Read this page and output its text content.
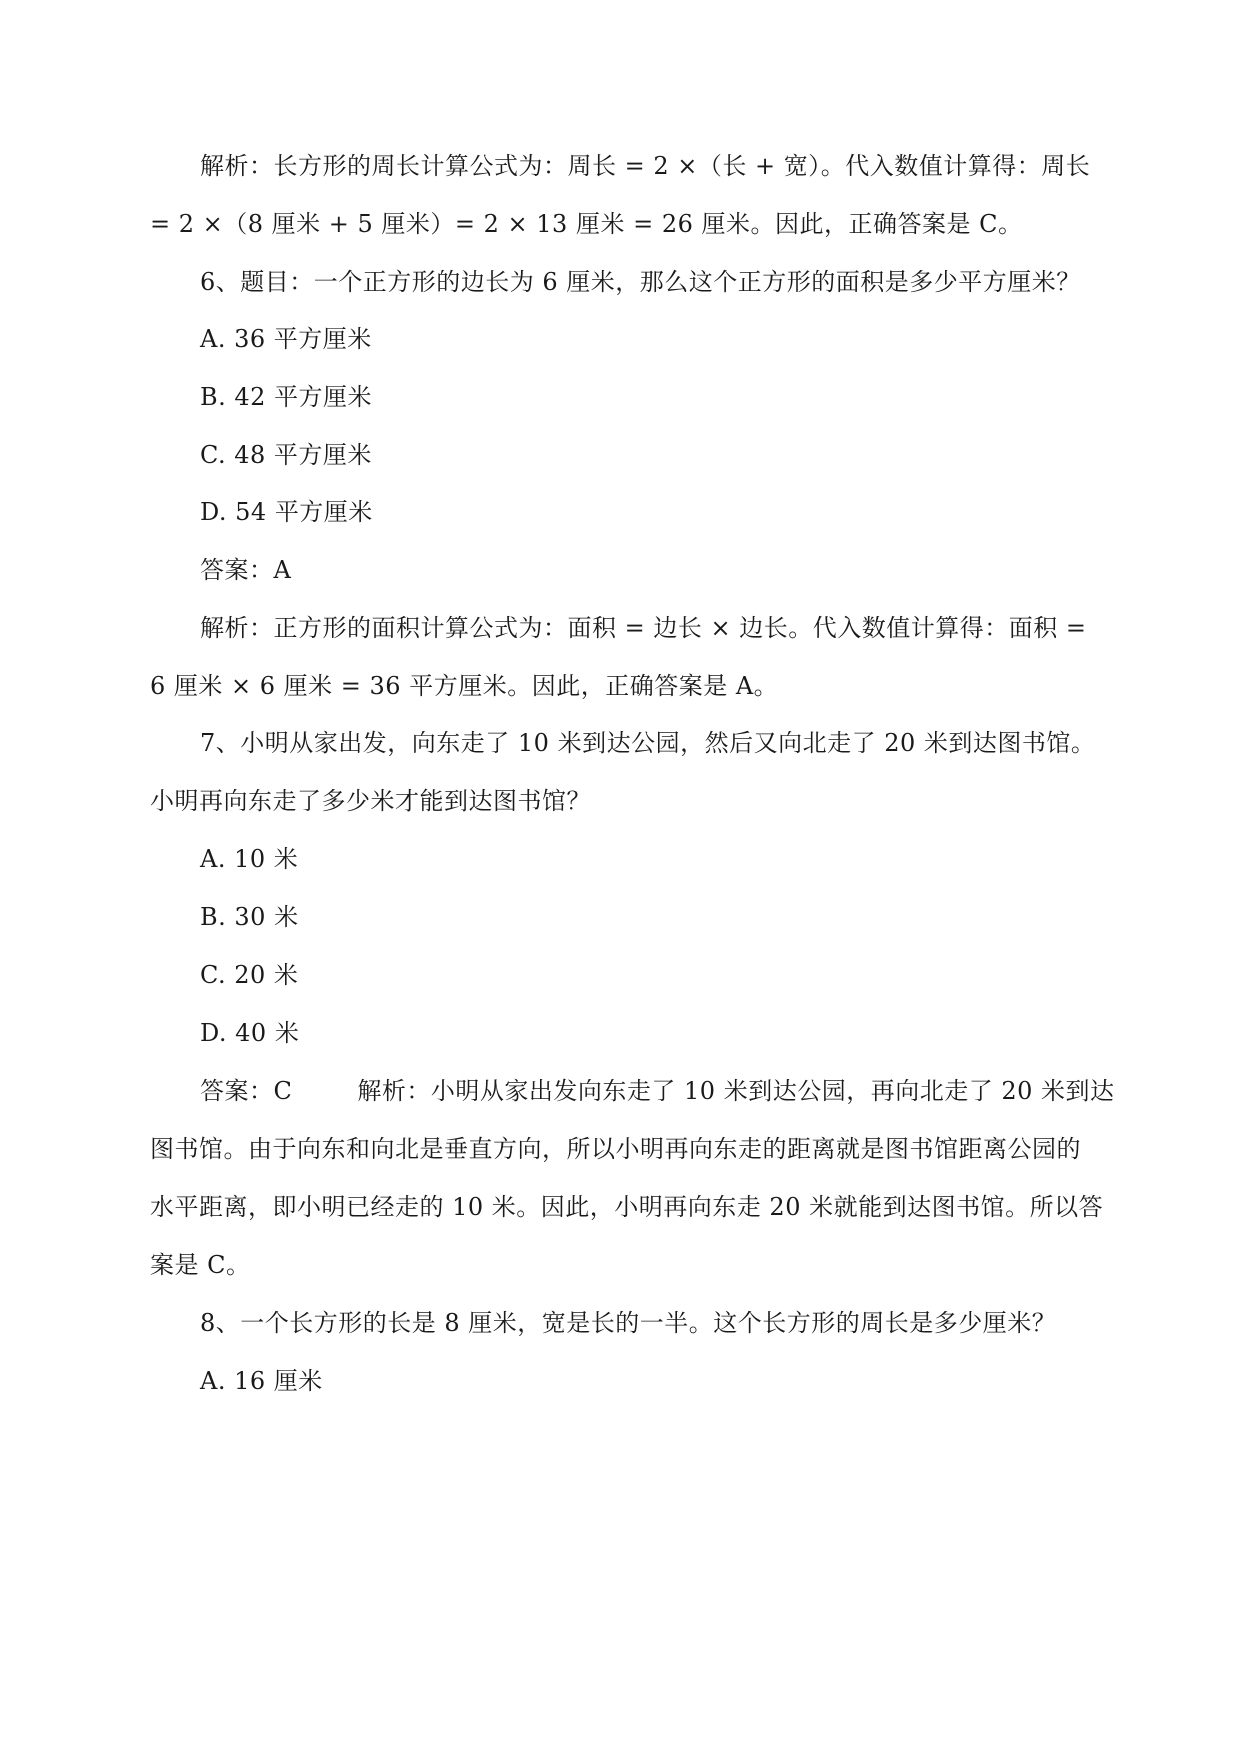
解析：长方形的周长计算公式为：周长 = 2 ×（长 + 宽）。代入数值计算得：周长
= 2 ×（8 厘米 + 5 厘米）= 2 × 13 厘米 = 26 厘米。因此，正确答案是 C。
6、题目：一个正方形的边长为 6 厘米，那么这个正方形的面积是多少平方厘米？
A. 36 平方厘米
B. 42 平方厘米
C. 48 平方厘米
D. 54 平方厘米
答案：A
解析：正方形的面积计算公式为：面积 = 边长 × 边长。代入数值计算得：面积 =
6 厘米 × 6 厘米 = 36 平方厘米。因此，正确答案是 A。
7、小明从家出发，向东走了 10 米到达公园，然后又向北走了 20 米到达图书馆。
小明再向东走了多少米才能到达图书馆？
A. 10 米
B. 30 米
C. 20 米
D. 40 米
答案：C        解析：小明从家出发向东走了 10 米到达公园，再向北走了 20 米到达
图书馆。由于向东和向北是垂直方向，所以小明再向东走的距离就是图书馆距离公园的
水平距离，即小明已经走的 10 米。因此，小明再向东走 20 米就能到达图书馆。所以答
案是 C。
8、一个长方形的长是 8 厘米，宽是长的一半。这个长方形的周长是多少厘米？
A. 16 厘米
